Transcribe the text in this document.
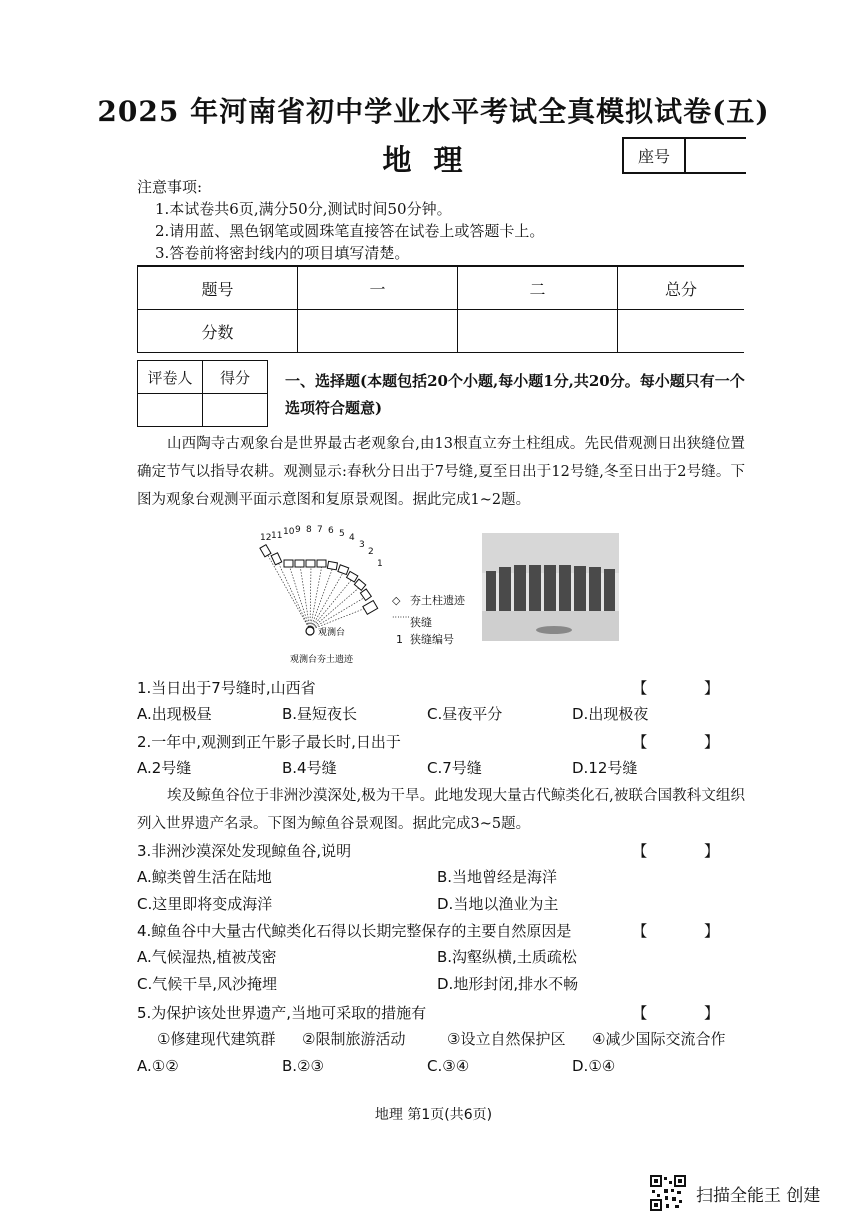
2025 年河南省初中学业水平考试全真模拟试卷(五)
地理	座号
注意事项:
1.本试卷共6页,满分50分,测试时间50分钟。
2.请用蓝、黑色钢笔或圆珠笔直接答在试卷上或答题卡上。
3.答卷前将密封线内的项目填写清楚。
题号	一	二	总分
分数			
评卷人	得分
	一、选择题(本题包括20个小题,每小题1分,共20分。每小题只有一个选项符合题意)
山西陶寺古观象台是世界最古老观象台,由13根直立夯土柱组成。先民借观测日出狭缝位置确定节气以指导农耕。观测显示:春秋分日出于7号缝,夏至日出于12号缝,冬至日出于2号缝。下图为观象台观测平面示意图和复原景观图。据此完成1~2题。
12 11 10 9 8 7 6 5 4
3
2
1
观测台
观测台夯土遗迹
◇ 夯土柱遗迹
·······狭缝
1 狭缝编号
1.当日出于7号缝时,山西省	【 】
A.出现极昼	B.昼短夜长	C.昼夜平分	D.出现极夜
2.一年中,观测到正午影子最长时,日出于	【 】
A.2号缝	B.4号缝	C.7号缝	D.12号缝
埃及鲸鱼谷位于非洲沙漠深处,极为干旱。此地发现大量古代鲸类化石,被联合国教科文组织列入世界遗产名录。下图为鲸鱼谷景观图。据此完成3~5题。
3.非洲沙漠深处发现鲸鱼谷,说明	【 】
A.鲸类曾生活在陆地	B.当地曾经是海洋
C.这里即将变成海洋	D.当地以渔业为主
4.鲸鱼谷中大量古代鲸类化石得以长期完整保存的主要自然原因是	【 】
A.气候湿热,植被茂密	B.沟壑纵横,土质疏松
C.气候干旱,风沙掩埋	D.地形封闭,排水不畅
5.为保护该处世界遗产,当地可采取的措施有	【 】
①修建现代建筑群	②限制旅游活动	③设立自然保护区	④减少国际交流合作
A.①②	B.②③	C.③④	D.①④
地理 第1页(共6页)
扫描全能王 创建
